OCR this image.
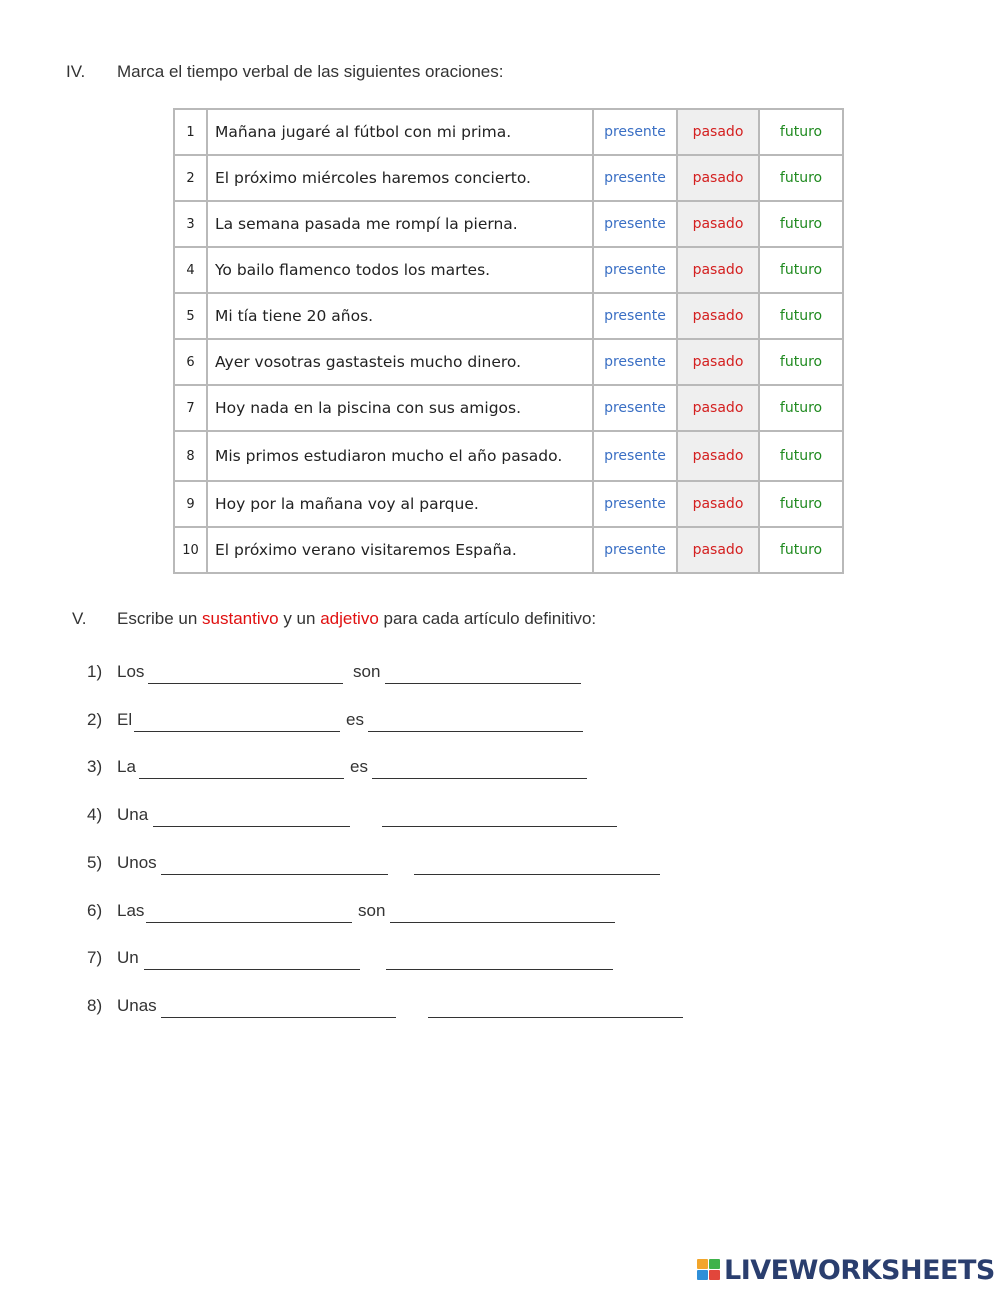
IV. Marca el tiempo verbal de las siguientes oraciones:
1	Mañana jugaré al fútbol con mi prima.	presente	pasado	futuro
2	El próximo miércoles haremos concierto.	presente	pasado	futuro
3	La semana pasada me rompí la pierna.	presente	pasado	futuro
4	Yo bailo flamenco todos los martes.	presente	pasado	futuro
5	Mi tía tiene 20 años.	presente	pasado	futuro
6	Ayer vosotras gastasteis mucho dinero.	presente	pasado	futuro
7	Hoy nada en la piscina con sus amigos.	presente	pasado	futuro
8	Mis primos estudiaron mucho el año pasado.	presente	pasado	futuro
9	Hoy por la mañana voy al parque.	presente	pasado	futuro
10	El próximo verano visitaremos España.	presente	pasado	futuro
V. Escribe un sustantivo y un adjetivo para cada artículo definitivo:
1) Los	son
2) El	es
3) La	es
4) Una
5) Unos
6) Las	son
7) Un
8) Unas
LIVEWORKSHEETS
